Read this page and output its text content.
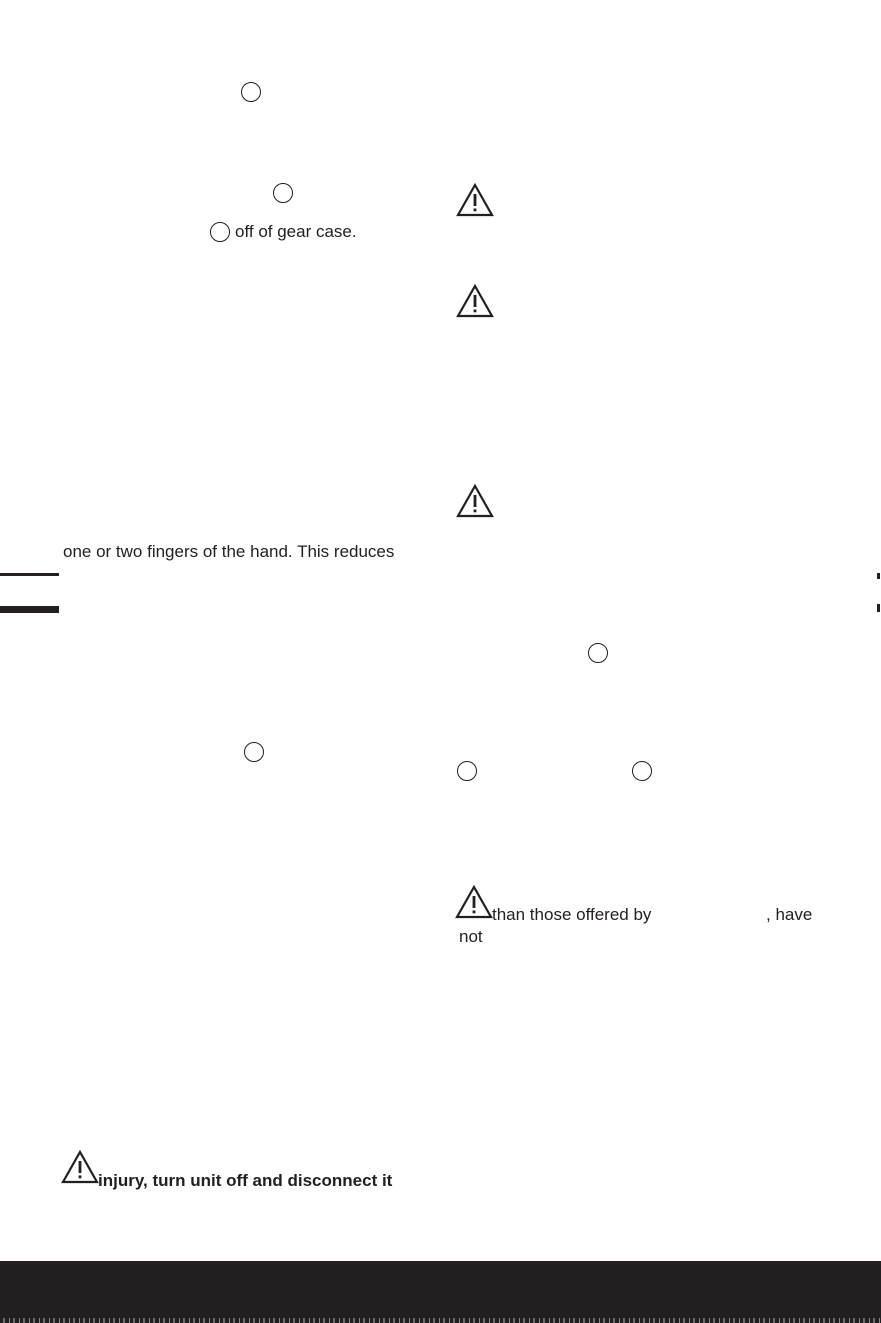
off of gear case.
one or two fingers of the hand. This reduces
injury, turn unit off and disconnect it
than those offered by	, have
not
